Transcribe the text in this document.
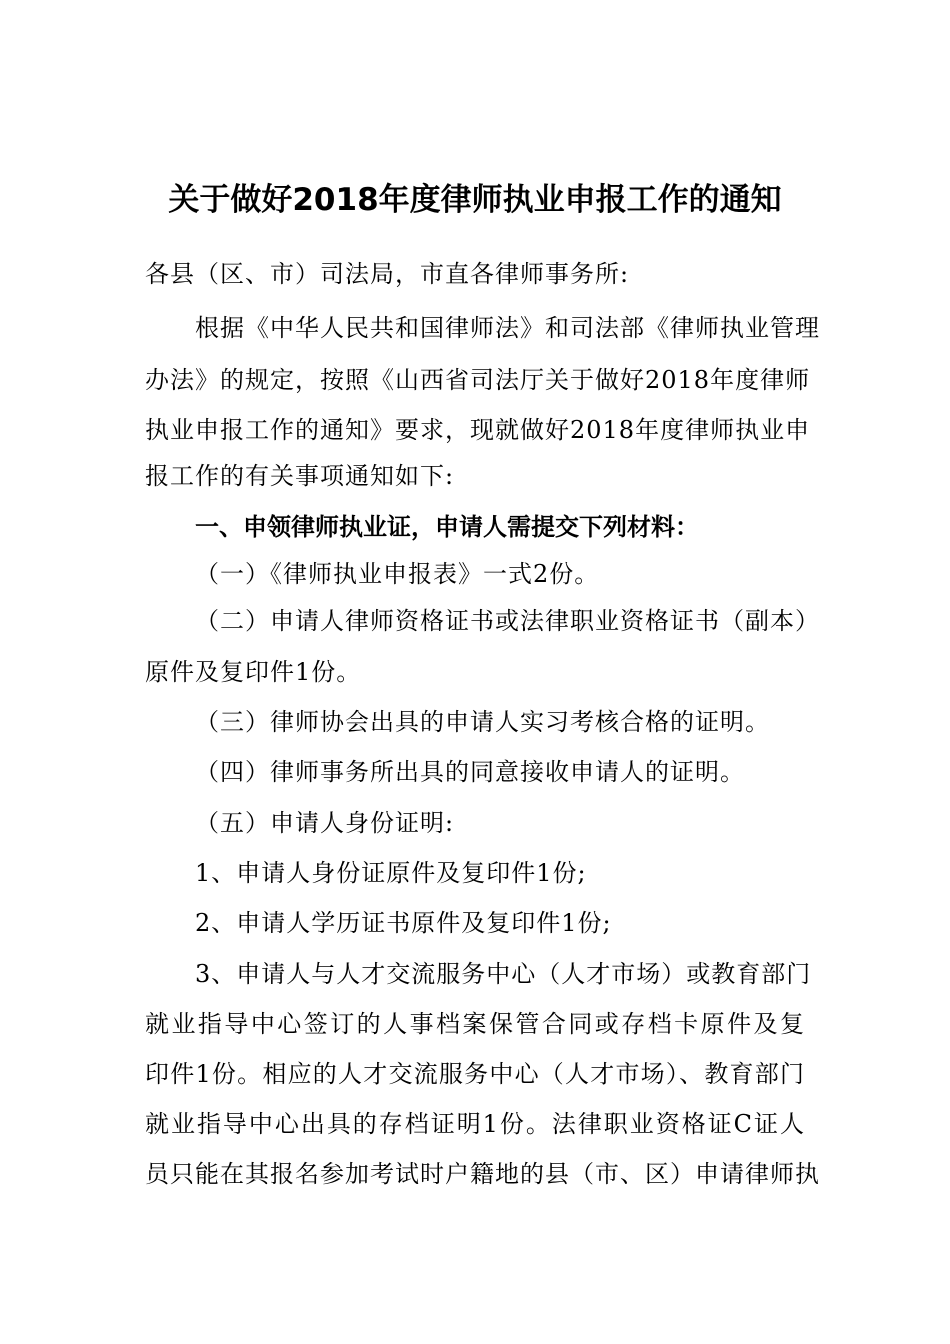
关于做好2018年度律师执业申报工作的通知
各县（区、市）司法局，市直各律师事务所:
根据《中华人民共和国律师法》和司法部《律师执业管理
办法》的规定，按照《山西省司法厅关于做好2018年度律师
执业申报工作的通知》要求，现就做好2018年度律师执业申
报工作的有关事项通知如下:
一、申领律师执业证，申请人需提交下列材料：
（一）《律师执业申报表》一式2份。
（二）申请人律师资格证书或法律职业资格证书（副本）
原件及复印件1份。
（三）律师协会出具的申请人实习考核合格的证明。
（四）律师事务所出具的同意接收申请人的证明。
（五）申请人身份证明:
1、申请人身份证原件及复印件1份;
2、申请人学历证书原件及复印件1份;
3、申请人与人才交流服务中心（人才市场）或教育部门
就业指导中心签订的人事档案保管合同或存档卡原件及复
印件1份。相应的人才交流服务中心（人才市场）、教育部门
就业指导中心出具的存档证明1份。法律职业资格证C证人
员只能在其报名参加考试时户籍地的县（市、区）申请律师执
